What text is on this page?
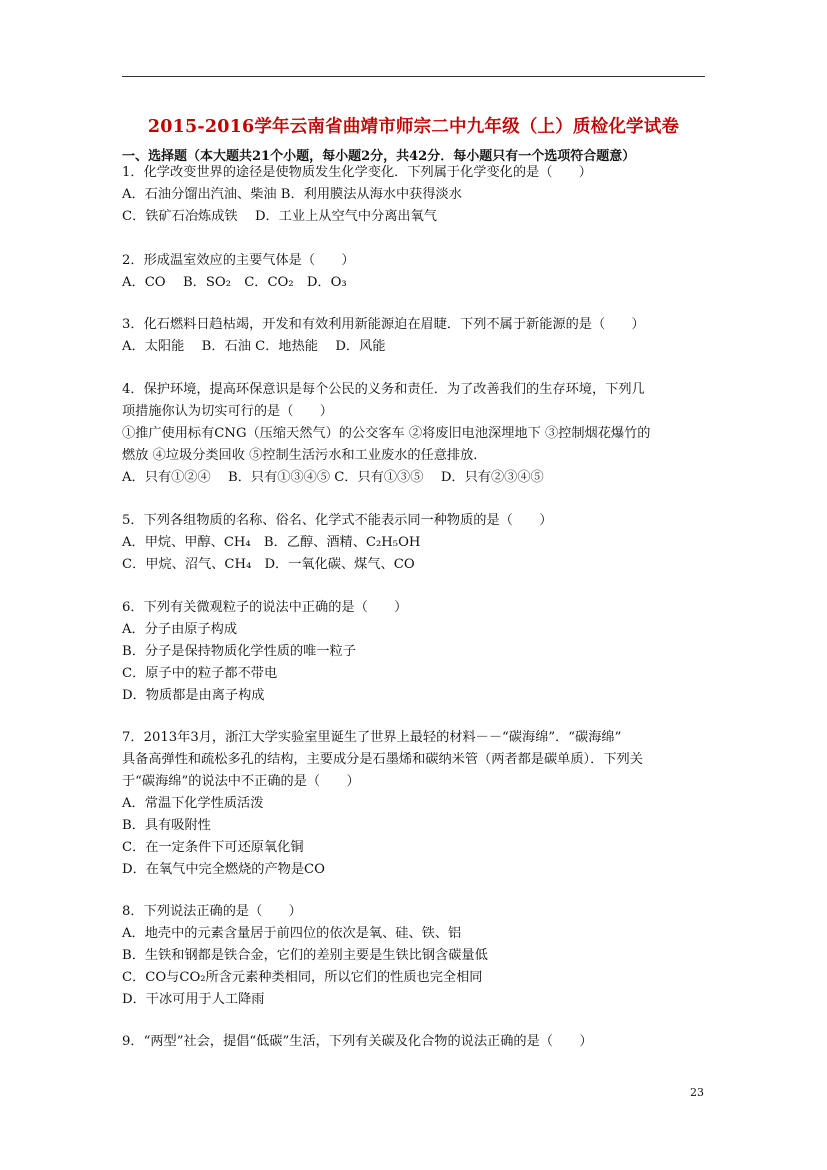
2015-2016学年云南省曲靖市师宗二中九年级（上）质检化学试卷
一、选择题（本大题共21个小题，每小题2分，共42分．每小题只有一个选项符合题意）
1．化学改变世界的途径是使物质发生化学变化．下列属于化学变化的是（　　）
A．石油分馏出汽油、柴油 B．利用膜法从海水中获得淡水
C．铁矿石冶炼成铁　 D．工业上从空气中分离出氧气
2．形成温室效应的主要气体是（　　）
A．CO　 B．SO₂　C．CO₂　D．O₃
3．化石燃料日趋枯竭，开发和有效利用新能源迫在眉睫．下列不属于新能源的是（　　）
A．太阳能　 B．石油 C．地热能　 D．风能
4．保护环境，提高环保意识是每个公民的义务和责任．为了改善我们的生存环境，下列几
项措施你认为切实可行的是（　　）
①推广使用标有CNG（压缩天然气）的公交客车 ②将废旧电池深埋地下 ③控制烟花爆竹的
燃放 ④垃圾分类回收 ⑤控制生活污水和工业废水的任意排放．
A．只有①②④　 B．只有①③④⑤ C．只有①③⑤　 D．只有②③④⑤
5．下列各组物质的名称、俗名、化学式不能表示同一种物质的是（　　）
A．甲烷、甲醇、CH₄　B．乙醇、酒精、C₂H₅OH
C．甲烷、沼气、CH₄　D．一氧化碳、煤气、CO
6．下列有关微观粒子的说法中正确的是（　　）
A．分子由原子构成
B．分子是保持物质化学性质的唯一粒子
C．原子中的粒子都不带电
D．物质都是由离子构成
7．2013年3月，浙江大学实验室里诞生了世界上最轻的材料－－“碳海绵”．“碳海绵”
具备高弹性和疏松多孔的结构，主要成分是石墨烯和碳纳米管（两者都是碳单质）．下列关
于“碳海绵”的说法中不正确的是（　　）
A．常温下化学性质活泼
B．具有吸附性
C．在一定条件下可还原氧化铜
D．在氧气中完全燃烧的产物是CO
8．下列说法正确的是（　　）
A．地壳中的元素含量居于前四位的依次是氧、硅、铁、铝
B．生铁和钢都是铁合金，它们的差别主要是生铁比钢含碳量低
C．CO与CO₂所含元素种类相同，所以它们的性质也完全相同
D．干冰可用于人工降雨
9．“两型”社会，提倡“低碳”生活，下列有关碳及化合物的说法正确的是（　　）
23
